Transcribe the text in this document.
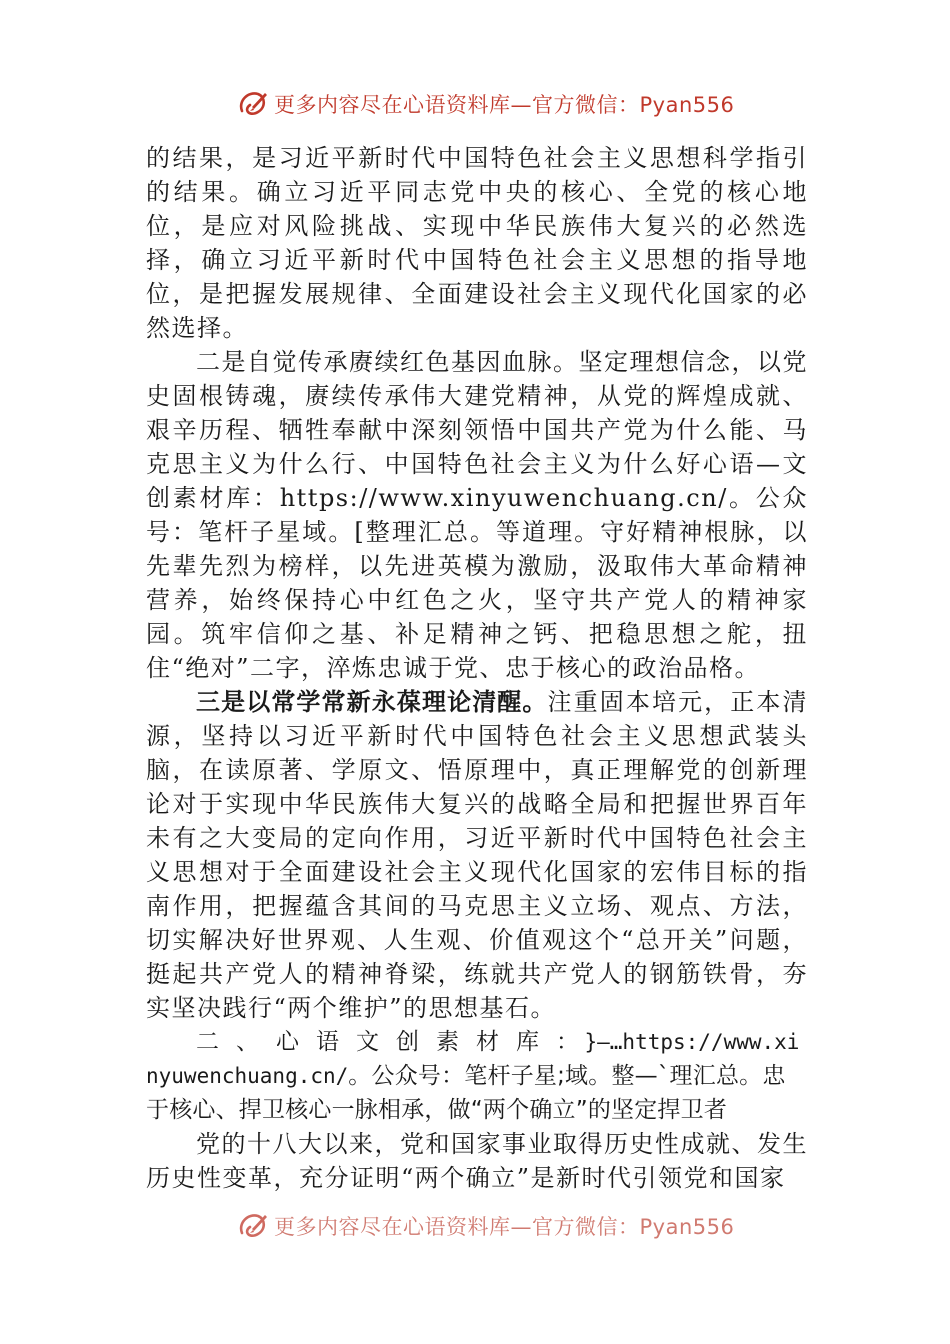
更多内容尽在心语资料库—官方微信：Pyan556

的结果，是习近平新时代中国特色社会主义思想科学指引的结果。确立习近平同志党中央的核心、全党的核心地位，是应对风险挑战、实现中华民族伟大复兴的必然选择，确立习近平新时代中国特色社会主义思想的指导地位，是把握发展规律、全面建设社会主义现代化国家的必然选择。

二是自觉传承赓续红色基因血脉。坚定理想信念，以党史固根铸魂，赓续传承伟大建党精神，从党的辉煌成就、艰辛历程、牺牲奉献中深刻领悟中国共产党为什么能、马克思主义为什么行、中国特色社会主义为什么好心语—文创素材库：https://www.xinyuwenchuang.cn/。公众号：笔杆子星域。[整理汇总。等道理。守好精神根脉，以先辈先烈为榜样，以先进英模为激励，汲取伟大革命精神营养，始终保持心中红色之火，坚守共产党人的精神家园。筑牢信仰之基、补足精神之钙、把稳思想之舵，扭住“绝对”二字，淬炼忠诚于党、忠于核心的政治品格。

三是以常学常新永葆理论清醒。注重固本培元，正本清源，坚持以习近平新时代中国特色社会主义思想武装头脑，在读原著、学原文、悟原理中，真正理解党的创新理论对于实现中华民族伟大复兴的战略全局和把握世界百年未有之大变局的定向作用，习近平新时代中国特色社会主义思想对于全面建设社会主义现代化国家的宏伟目标的指南作用，把握蕴含其间的马克思主义立场、观点、方法，切实解决好世界观、人生观、价值观这个“总开关”问题，挺起共产党人的精神脊梁，练就共产党人的钢筋铁骨，夯实坚决践行“两个维护”的思想基石。

二、心语文创素材库：}—…https://www.xinyuwenchuang.cn/。公众号：笔杆子星;域。整—`理汇总。忠于核心、捍卫核心一脉相承，做“两个确立”的坚定捍卫者

党的十八大以来，党和国家事业取得历史性成就、发生历史性变革，充分证明“两个确立”是新时代引领党和国家

更多内容尽在心语资料库—官方微信：Pyan556
